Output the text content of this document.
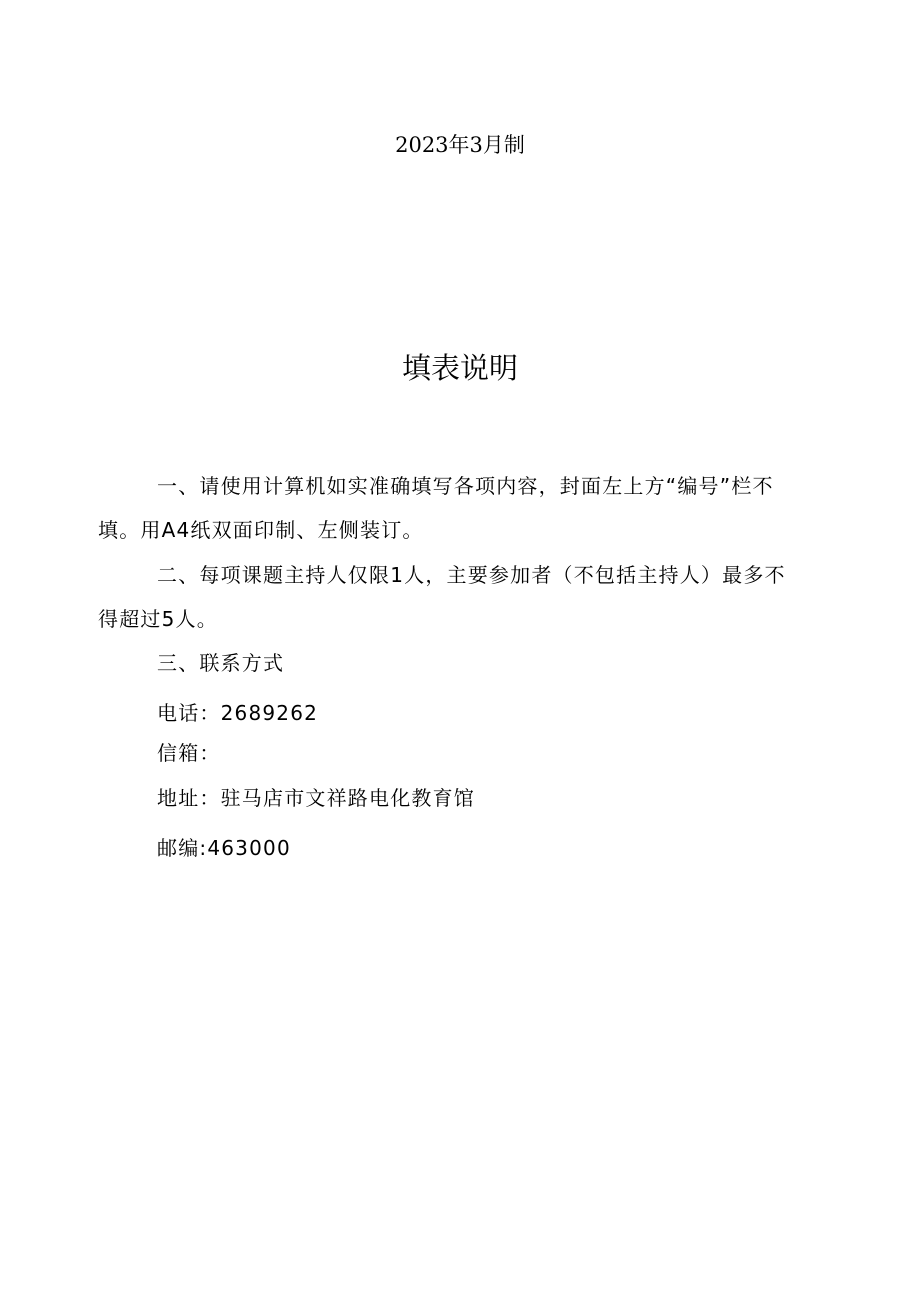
2023年3月制
填表说明

一、请使用计算机如实准确填写各项内容，封面左上方“编号”栏不填。用A4纸双面印制、左侧装订。

二、每项课题主持人仅限1人，主要参加者（不包括主持人）最多不得超过5人。

三、联系方式
电话：2689262
信箱：
地址：驻马店市文祥路电化教育馆
邮编:463000
